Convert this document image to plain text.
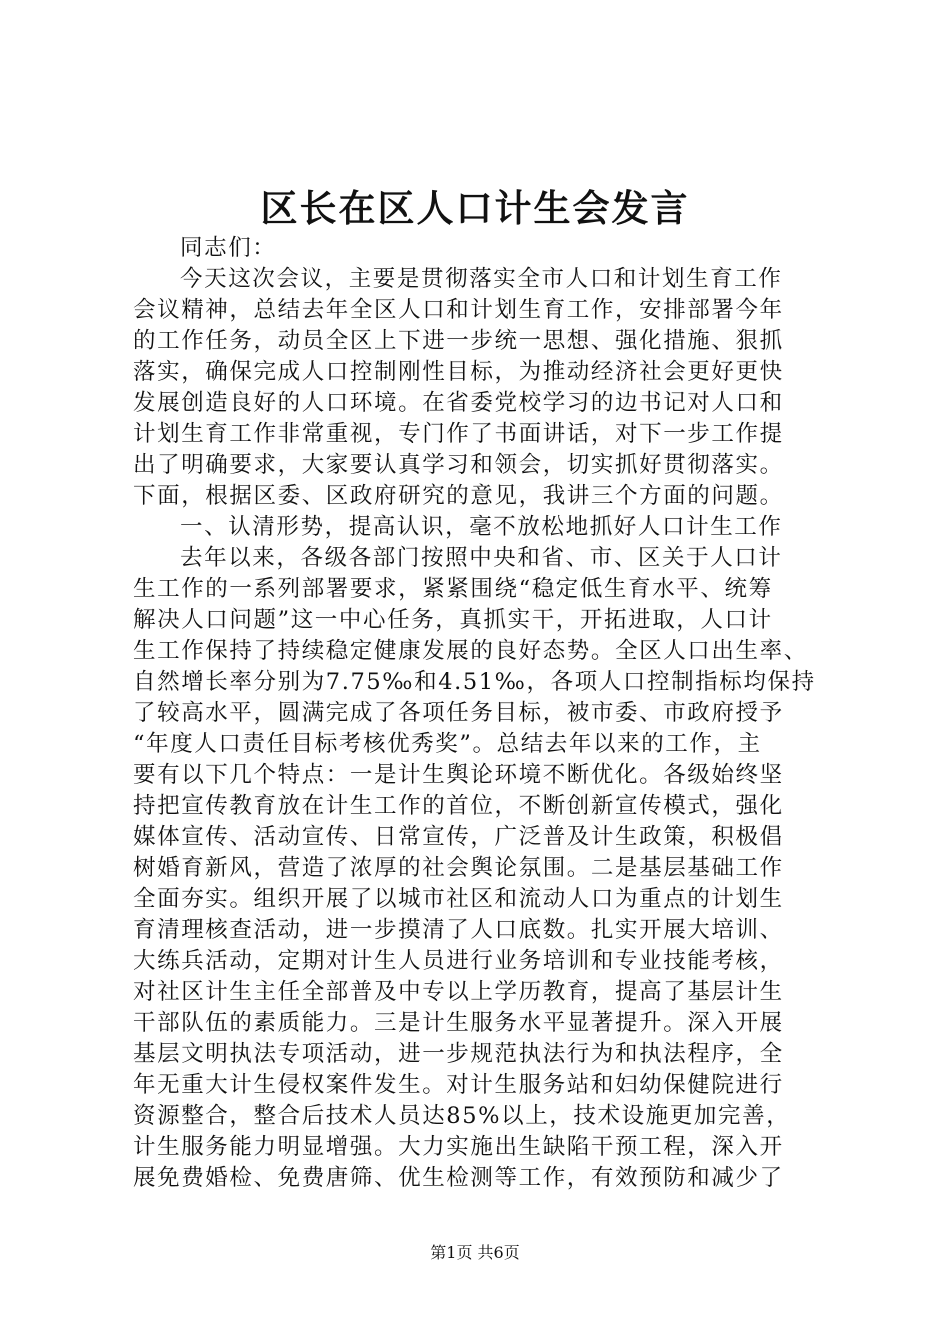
区长在区人口计生会发言
同志们：
今天这次会议，主要是贯彻落实全市人口和计划生育工作
会议精神，总结去年全区人口和计划生育工作，安排部署今年
的工作任务，动员全区上下进一步统一思想、强化措施、狠抓
落实，确保完成人口控制刚性目标，为推动经济社会更好更快
发展创造良好的人口环境。在省委党校学习的边书记对人口和
计划生育工作非常重视，专门作了书面讲话，对下一步工作提
出了明确要求，大家要认真学习和领会，切实抓好贯彻落实。
下面，根据区委、区政府研究的意见，我讲三个方面的问题。
一、认清形势，提高认识，毫不放松地抓好人口计生工作
去年以来，各级各部门按照中央和省、市、区关于人口计
生工作的一系列部署要求，紧紧围绕“稳定低生育水平、统筹
解决人口问题”这一中心任务，真抓实干，开拓进取，人口计
生工作保持了持续稳定健康发展的良好态势。全区人口出生率、
自然增长率分别为7.75‰和4.51‰，各项人口控制指标均保持
了较高水平，圆满完成了各项任务目标，被市委、市政府授予
“年度人口责任目标考核优秀奖”。总结去年以来的工作，主
要有以下几个特点：一是计生舆论环境不断优化。各级始终坚
持把宣传教育放在计生工作的首位，不断创新宣传模式，强化
媒体宣传、活动宣传、日常宣传，广泛普及计生政策，积极倡
树婚育新风，营造了浓厚的社会舆论氛围。二是基层基础工作
全面夯实。组织开展了以城市社区和流动人口为重点的计划生
育清理核查活动，进一步摸清了人口底数。扎实开展大培训、
大练兵活动，定期对计生人员进行业务培训和专业技能考核，
对社区计生主任全部普及中专以上学历教育，提高了基层计生
干部队伍的素质能力。三是计生服务水平显著提升。深入开展
基层文明执法专项活动，进一步规范执法行为和执法程序，全
年无重大计生侵权案件发生。对计生服务站和妇幼保健院进行
资源整合，整合后技术人员达85%以上，技术设施更加完善，
计生服务能力明显增强。大力实施出生缺陷干预工程，深入开
展免费婚检、免费唐筛、优生检测等工作，有效预防和减少了
第1页 共6页
